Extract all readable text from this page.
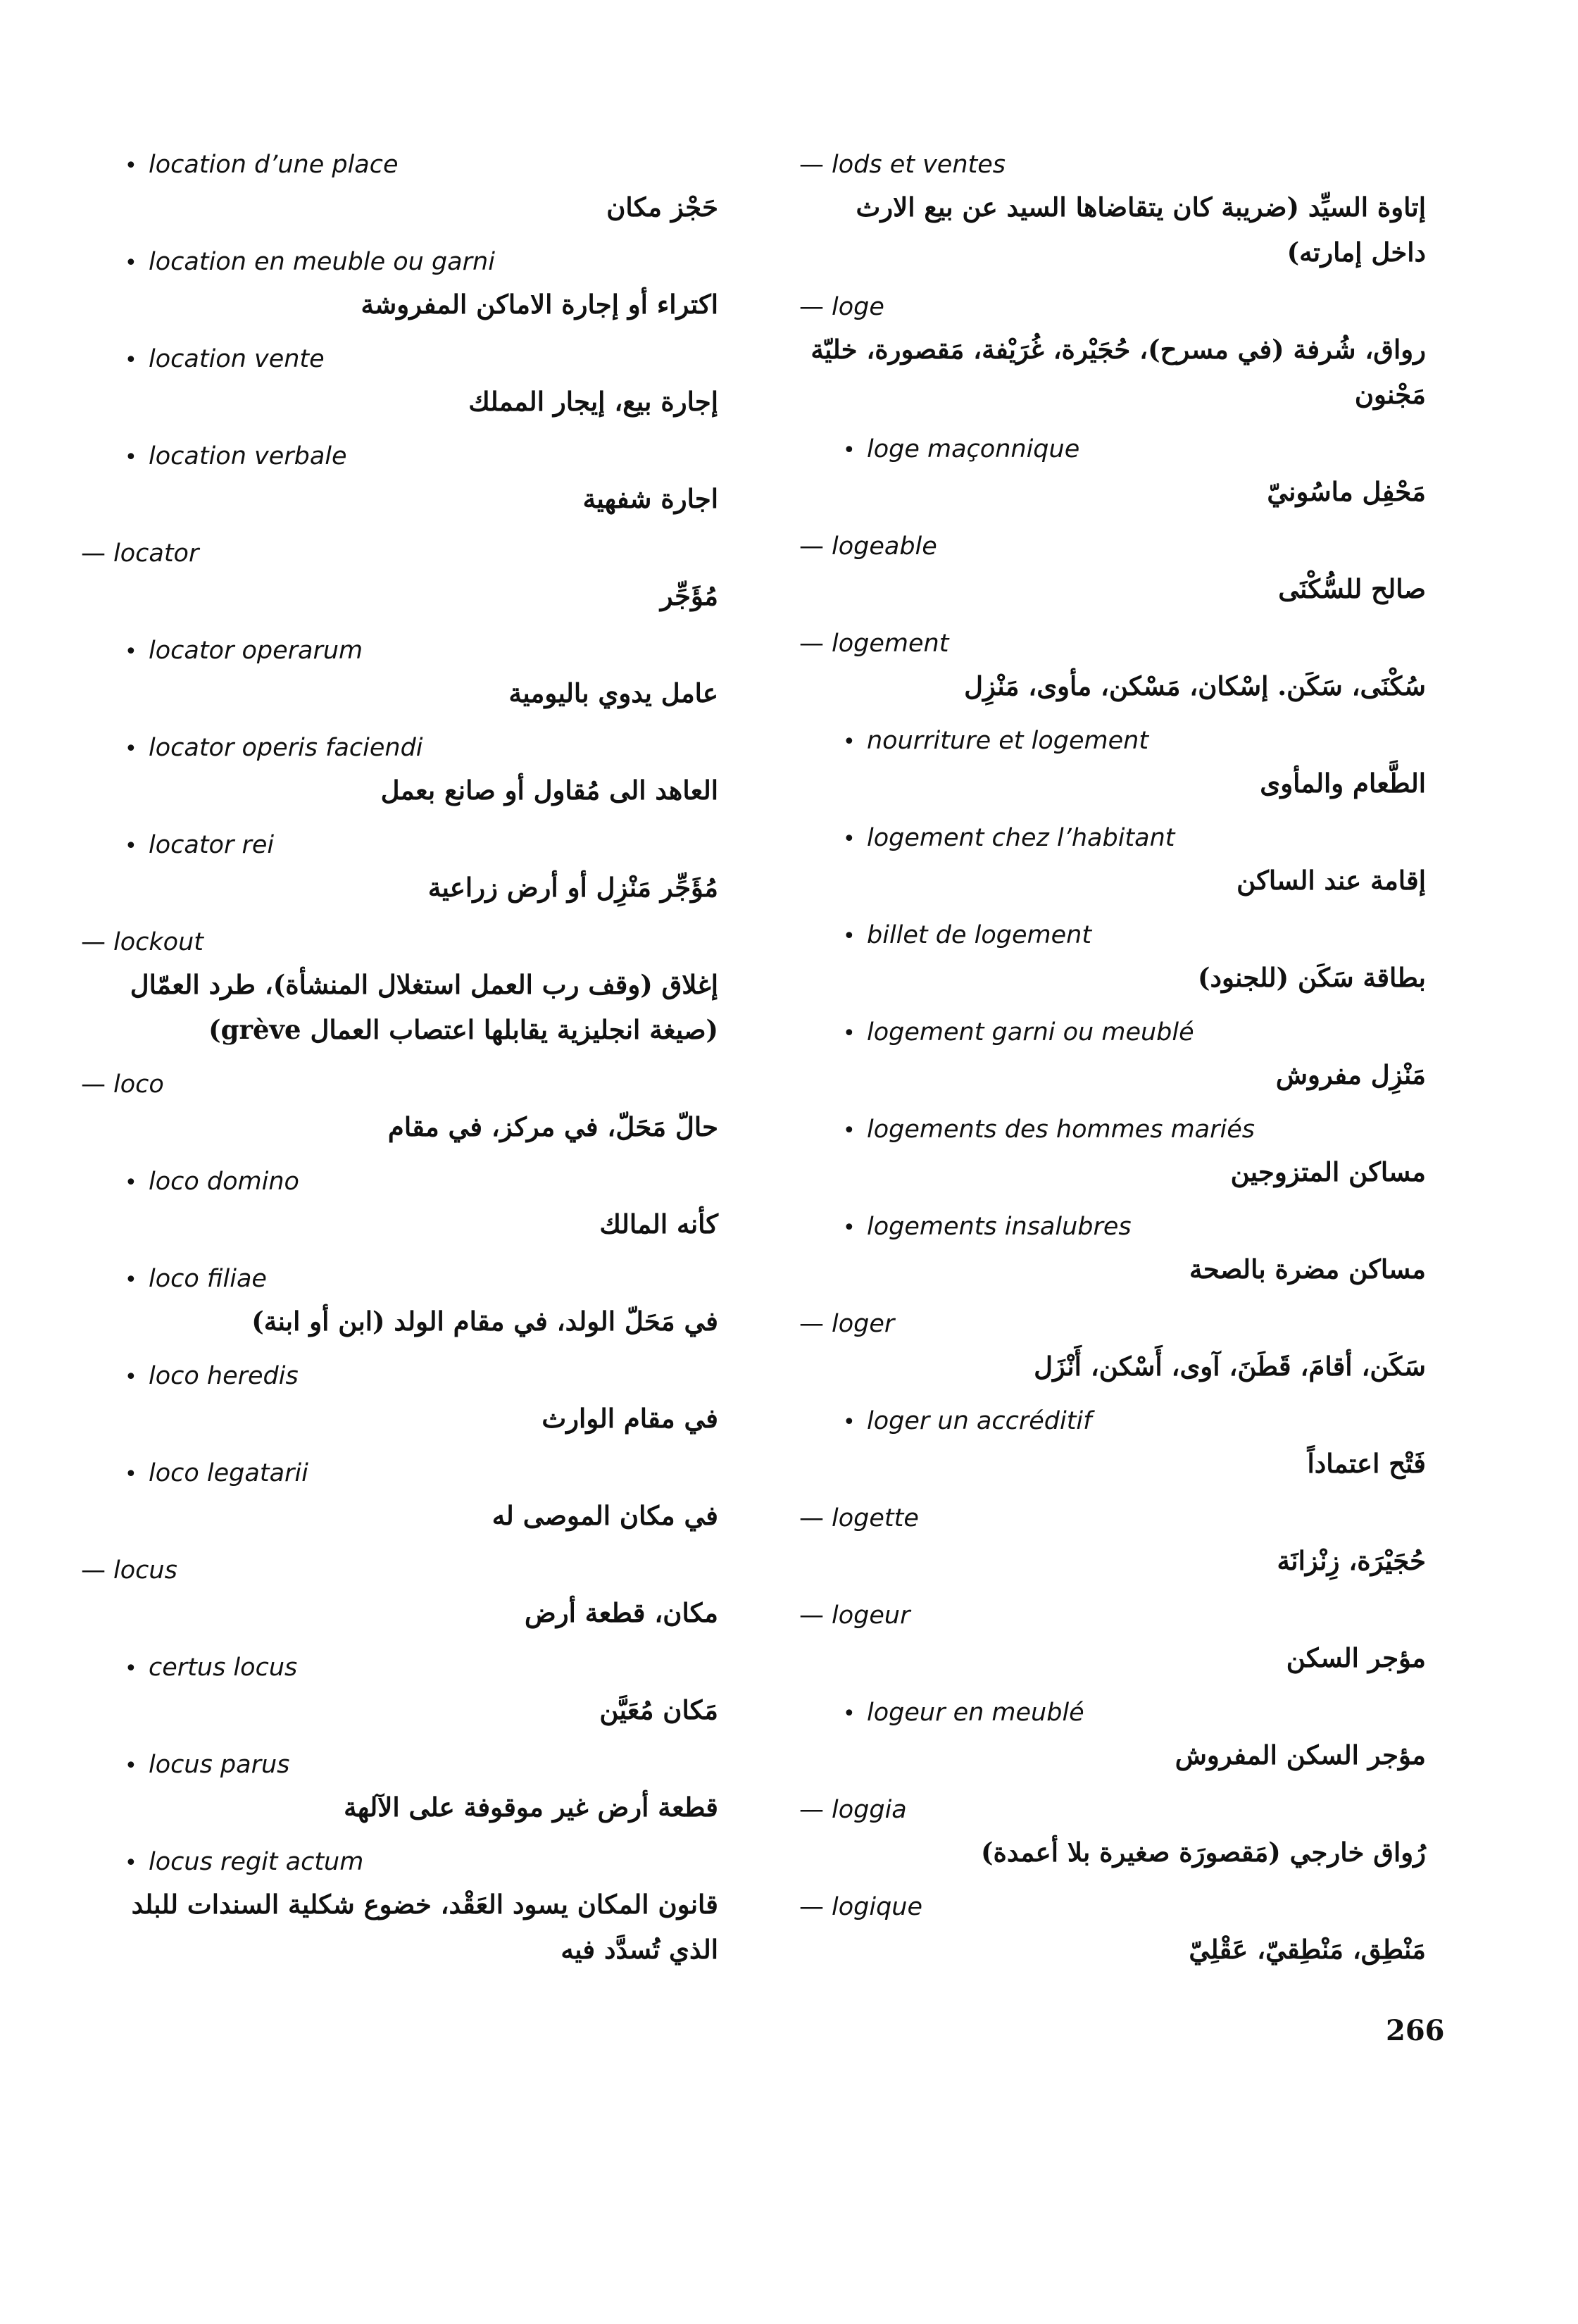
• location d’une place
حَجْز مكان
• location en meuble ou garni
اكتراء أو إجارة الاماكن المفروشة
• location vente
إجارة بيع، إيجار المملك
• location verbale
اجارة شفهية
— locator
مُؤَجِّر
• locator operarum
عامل يدوي باليومية
• locator operis faciendi
العاهد الى مُقاول أو صانع بعمل
• locator rei
مُؤَجِّر مَنْزِل أو أرض زراعية
— lockout
إغلاق (وقف رب العمل استغلال المنشأة)، طرد العمّال (صيغة انجليزية يقابلها اعتصاب العمال grève)
— loco
حالّ مَحَلّ، في مركز، في مقام
• loco domino
كأنه المالك
• loco filiae
في مَحَلّ الولد، في مقام الولد (ابن أو ابنة)
• loco heredis
في مقام الوارث
• loco legatarii
في مكان الموصى له
— locus
مكان، قطعة أرض
• certus locus
مَكان مُعَيَّن
• locus parus
قطعة أرض غير موقوفة على الآلهة
• locus regit actum
قانون المكان يسود العَقْد، خضوع شكلية السندات للبلد الذي تُسدَّد فيه
— lods et ventes
إتاوة السيِّد (ضريبة كان يتقاضاها السيد عن بيع الارث داخل إمارته)
— loge
رواق، شُرفة (في مسرح)، حُجَيْرة، غُرَيْفة، مَقصورة، خليّة مَجْنون
• loge maçonnique
مَحْفِل ماسُونيّ
— logeable
صالح للسُّكْنَى
— logement
سُكْنَى، سَكَن. إسْكان، مَسْكن، مأوى، مَنْزِل
• nourriture et logement
الطَّعام والمأوى
• logement chez l’habitant
إقامة عند الساكن
• billet de logement
بطاقة سَكَن (للجنود)
• logement garni ou meublé
مَنْزِل مفروش
• logements des hommes mariés
مساكن المتزوجين
• logements insalubres
مساكن مضرة بالصحة
— loger
سَكَن، أقامَ، قَطَنَ، آوى، أَسْكن، أَنْزَل
• loger un accréditif
فَتْح اعتماداً
— logette
حُجَيْرَة، زِنْزانَة
— logeur
مؤجر السكن
• logeur en meublé
مؤجر السكن المفروش
— loggia
رُواق خارجي (مَقصورَة صغيرة بلا أعمدة)
— logique
مَنْطِق، مَنْطِقيّ، عَقْلِيّ
266
